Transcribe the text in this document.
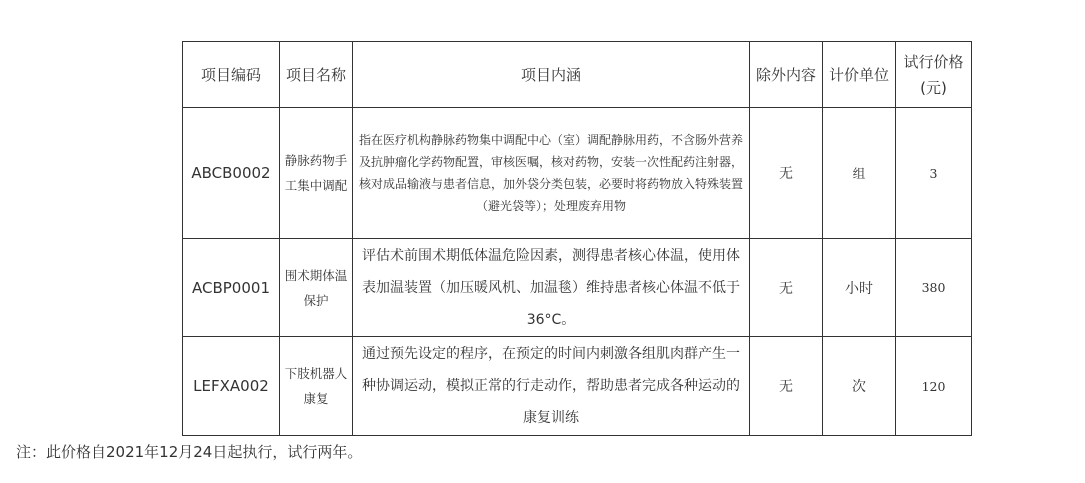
项目编码	项目名称	项目内涵	除外内容	计价单位	试行价格(元)
ABCB0002	静脉药物手工集中调配	指在医疗机构静脉药物集中调配中心（室）调配静脉用药，不含肠外营养及抗肿瘤化学药物配置，审核医嘱，核对药物，安装一次性配药注射器，核对成品输液与患者信息，加外袋分类包装，必要时将药物放入特殊装置（避光袋等）；处理废弃用物	无	组	3
ACBP0001	围术期体温保护	评估术前围术期低体温危险因素，测得患者核心体温，使用体表加温装置（加压暖风机、加温毯）维持患者核心体温不低于36°C。	无	小时	380
LEFXA002	下肢机器人康复	通过预先设定的程序，在预定的时间内刺激各组肌肉群产生一种协调运动，模拟正常的行走动作，帮助患者完成各种运动的康复训练	无	次	120
注：此价格自2021年12月24日起执行，试行两年。
